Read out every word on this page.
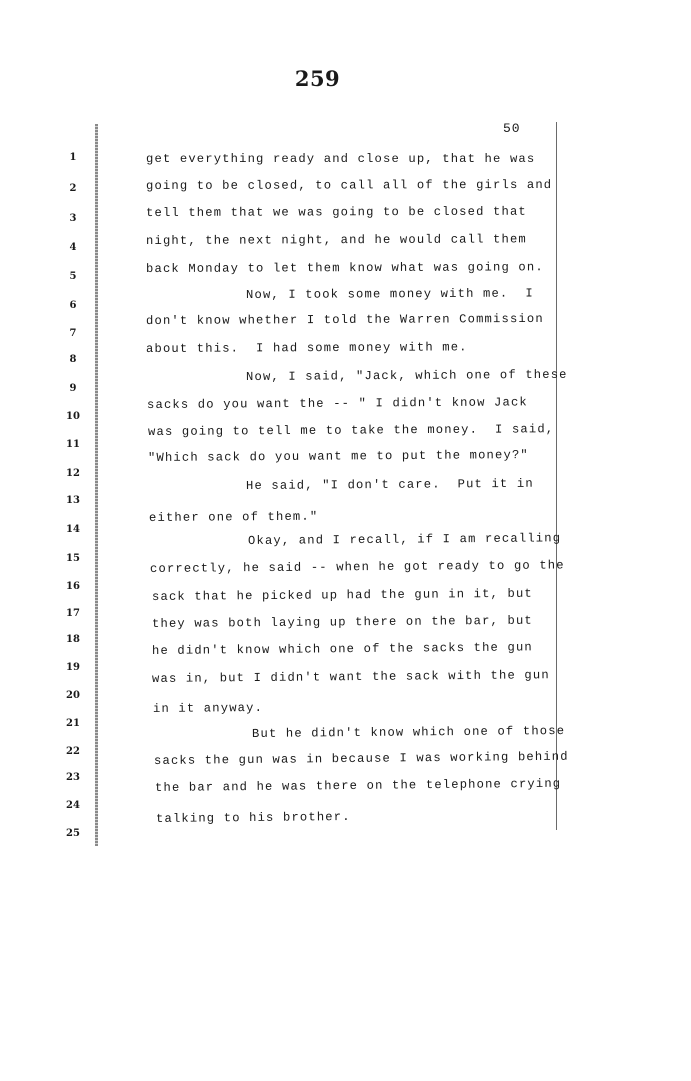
259
50
1
2
3
4
5
6
7
8
9
10
11
12
13
14
15
16
17
18
19
20
21
22
23
24
25
get everything ready and close up, that he was
going to be closed, to call all of the girls and
tell them that we was going to be closed that
night, the next night, and he would call them
back Monday to let them know what was going on.
Now, I took some money with me.  I
don't know whether I told the Warren Commission
about this.  I had some money with me.
Now, I said, "Jack, which one of these
sacks do you want the -- " I didn't know Jack
was going to tell me to take the money.  I said,
"Which sack do you want me to put the money?"
He said, "I don't care.  Put it in
either one of them."
Okay, and I recall, if I am recalling
correctly, he said -- when he got ready to go the
sack that he picked up had the gun in it, but
they was both laying up there on the bar, but
he didn't know which one of the sacks the gun
was in, but I didn't want the sack with the gun
in it anyway.
But he didn't know which one of those
sacks the gun was in because I was working behind
the bar and he was there on the telephone crying
talking to his brother.
